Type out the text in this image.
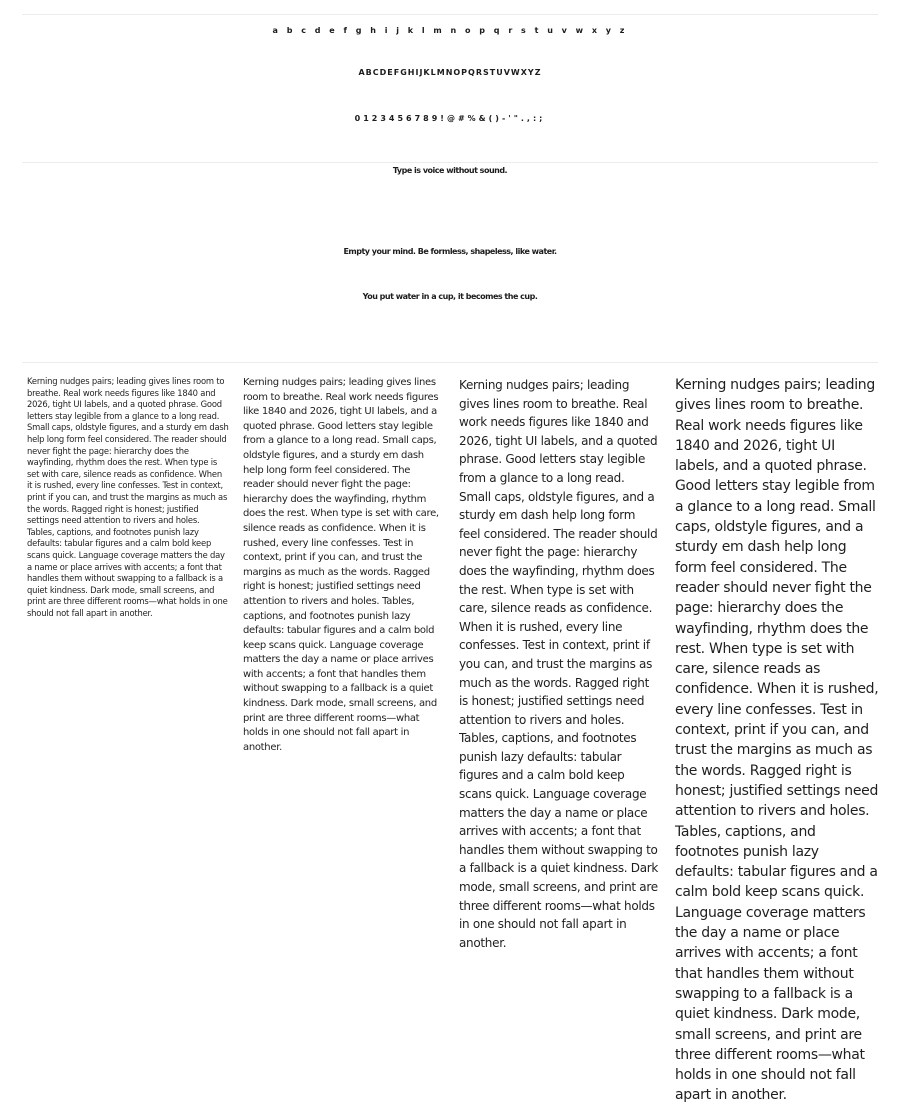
a b c d e f g h i j k l m n o p q r s t u v w x y z
ABCDEFGHIJKLMNOPQRSTUVWXYZ
0123456789!@#%&()-'".,:;
Type is voice without sound.
Empty your mind. Be formless, shapeless, like water.
You put water in a cup, it becomes the cup.
Kerning nudges pairs; leading gives lines room to breathe. Real work needs figures like 1840 and 2026, tight UI labels, and a quoted phrase. Good letters stay legible from a glance to a long read. Small caps, oldstyle figures, and a sturdy em dash help long form feel considered. The reader should never fight the page: hierarchy does the wayfinding, rhythm does the rest. When type is set with care, silence reads as confidence. When it is rushed, every line confesses. Test in context, print if you can, and trust the margins as much as the words. Ragged right is honest; justified settings need attention to rivers and holes. Tables, captions, and footnotes punish lazy defaults: tabular figures and a calm bold keep scans quick. Language coverage matters the day a name or place arrives with accents; a font that handles them without swapping to a fallback is a quiet kindness. Dark mode, small screens, and print are three different rooms—what holds in one should not fall apart in another.
Kerning nudges pairs; leading gives lines room to breathe. Real work needs figures like 1840 and 2026, tight UI labels, and a quoted phrase. Good letters stay legible from a glance to a long read. Small caps, oldstyle figures, and a sturdy em dash help long form feel considered. The reader should never fight the page: hierarchy does the wayfinding, rhythm does the rest. When type is set with care, silence reads as confidence. When it is rushed, every line confesses. Test in context, print if you can, and trust the margins as much as the words. Ragged right is honest; justified settings need attention to rivers and holes. Tables, captions, and footnotes punish lazy defaults: tabular figures and a calm bold keep scans quick. Language coverage matters the day a name or place arrives with accents; a font that handles them without swapping to a fallback is a quiet kindness. Dark mode, small screens, and print are three different rooms—what holds in one should not fall apart in another.
Kerning nudges pairs; leading gives lines room to breathe. Real work needs figures like 1840 and 2026, tight UI labels, and a quoted phrase. Good letters stay legible from a glance to a long read. Small caps, oldstyle figures, and a sturdy em dash help long form feel considered. The reader should never fight the page: hierarchy does the wayfinding, rhythm does the rest. When type is set with care, silence reads as confidence. When it is rushed, every line confesses. Test in context, print if you can, and trust the margins as much as the words. Ragged right is honest; justified settings need attention to rivers and holes. Tables, captions, and footnotes punish lazy defaults: tabular figures and a calm bold keep scans quick. Language coverage matters the day a name or place arrives with accents; a font that handles them without swapping to a fallback is a quiet kindness. Dark mode, small screens, and print are three different rooms—what holds in one should not fall apart in another.
Kerning nudges pairs; leading gives lines room to breathe. Real work needs figures like 1840 and 2026, tight UI labels, and a quoted phrase. Good letters stay legible from a glance to a long read. Small caps, oldstyle figures, and a sturdy em dash help long form feel considered. The reader should never fight the page: hierarchy does the wayfinding, rhythm does the rest. When type is set with care, silence reads as confidence. When it is rushed, every line confesses. Test in context, print if you can, and trust the margins as much as the words. Ragged right is honest; justified settings need attention to rivers and holes. Tables, captions, and footnotes punish lazy defaults: tabular figures and a calm bold keep scans quick. Language coverage matters the day a name or place arrives with accents; a font that handles them without swapping to a fallback is a quiet kindness. Dark mode, small screens, and print are three different rooms—what holds in one should not fall apart in another.
